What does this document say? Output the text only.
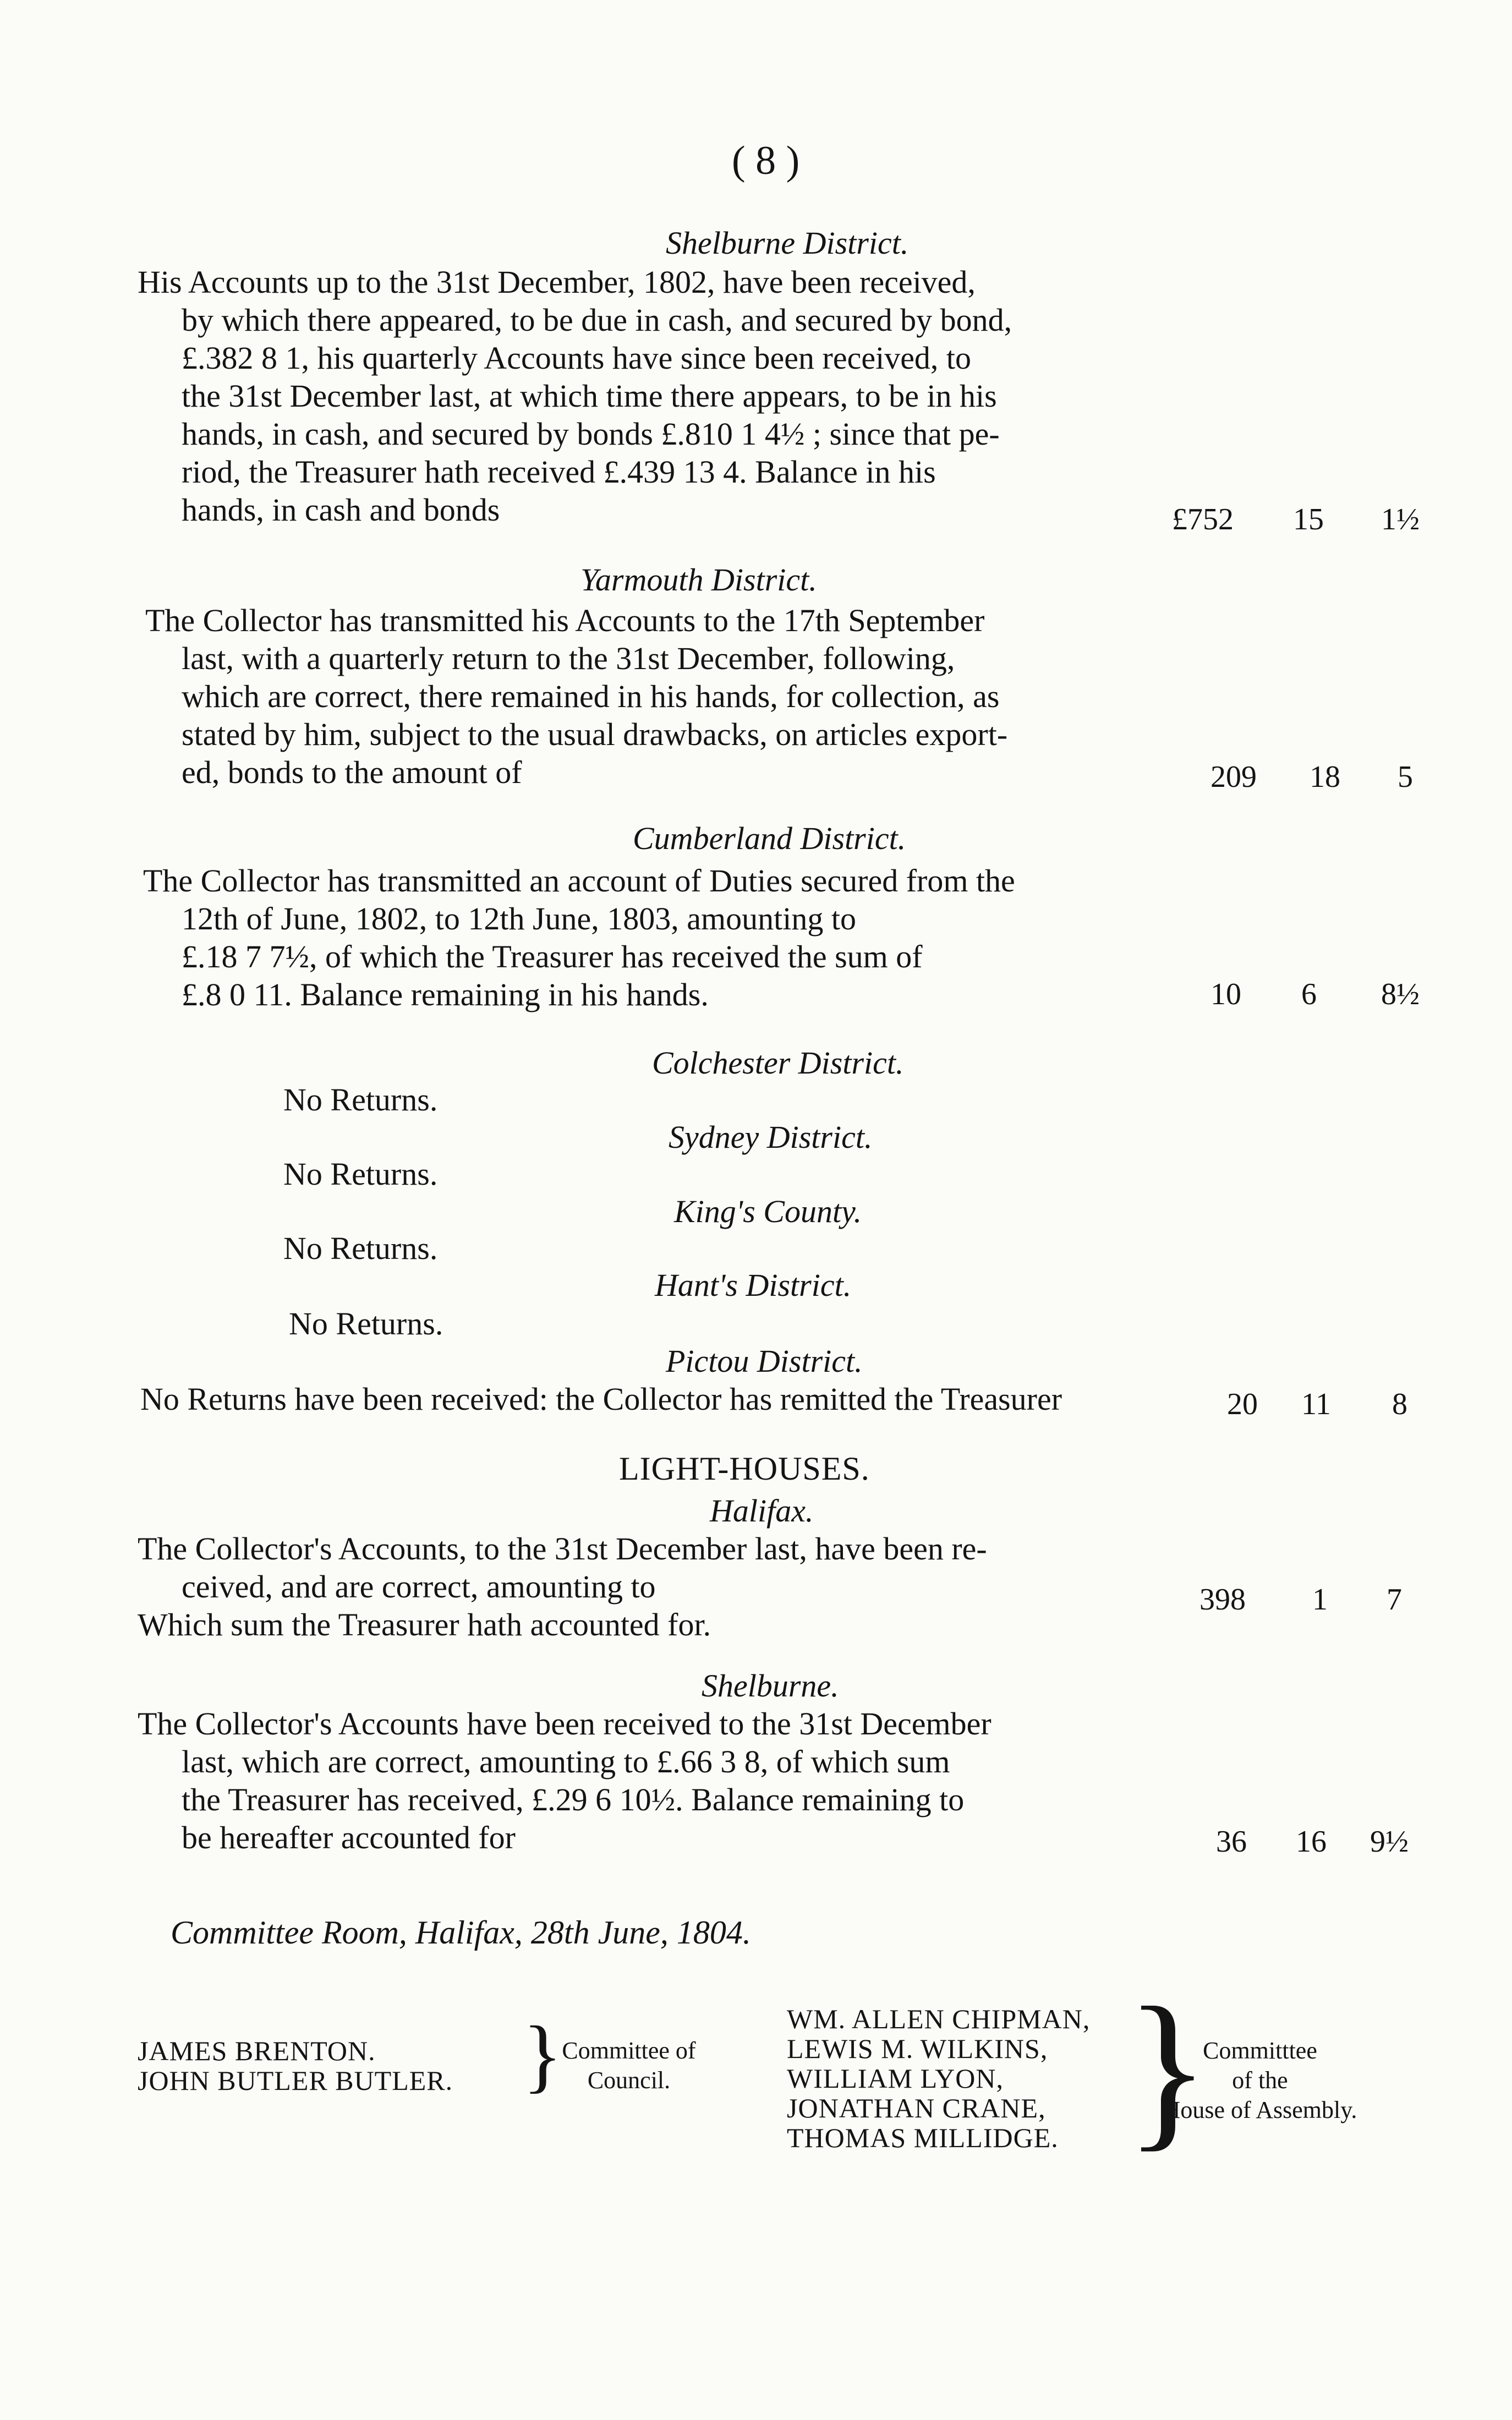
( 8 )
Shelburne District.
His Accounts up to the 31st December, 1802, have been received,
by which there appeared, to be due in cash, and secured by bond,
£.382 8 1, his quarterly Accounts have since been received, to
the 31st December last, at which time there appears, to be in his
hands, in cash, and secured by bonds £.810 1 4½ ; since that pe-
riod, the Treasurer hath received £.439 13 4. Balance in his
hands, in cash and bonds	£752 15 1½
Yarmouth District.
The Collector has transmitted his Accounts to the 17th September
last, with a quarterly return to the 31st December, following,
which are correct, there remained in his hands, for collection, as
stated by him, subject to the usual drawbacks, on articles export-
ed, bonds to the amount of	209 18 5
Cumberland District.
The Collector has transmitted an account of Duties secured from the
12th of June, 1802, to 12th June, 1803, amounting to
£.18 7 7½, of which the Treasurer has received the sum of
£.8 0 11. Balance remaining in his hands.	10 6 8½
Colchester District.
No Returns.
Sydney District.
No Returns.
King's County.
No Returns.
Hant's District.
No Returns.
Pictou District.
No Returns have been received: the Collector has remitted the Treasurer	20 11 8
LIGHT-HOUSES.
Halifax.
The Collector's Accounts, to the 31st December last, have been re-
ceived, and are correct, amounting to
Which sum the Treasurer hath accounted for.
398 1 7
Shelburne.
The Collector's Accounts have been received to the 31st December
last, which are correct, amounting to £.66 3 8, of which sum
the Treasurer has received, £.29 6 10½. Balance remaining to
be hereafter accounted for	36 16 9½
Committee Room, Halifax, 28th June, 1804.
JAMES BRENTON.
JOHN BUTLER BUTLER. } Committee of
Council.
WM. ALLEN CHIPMAN,
LEWIS M. WILKINS,
WILLIAM LYON,
JONATHAN CRANE,
THOMAS MILLIDGE. }
Committtee
of the
House of Assembly.
